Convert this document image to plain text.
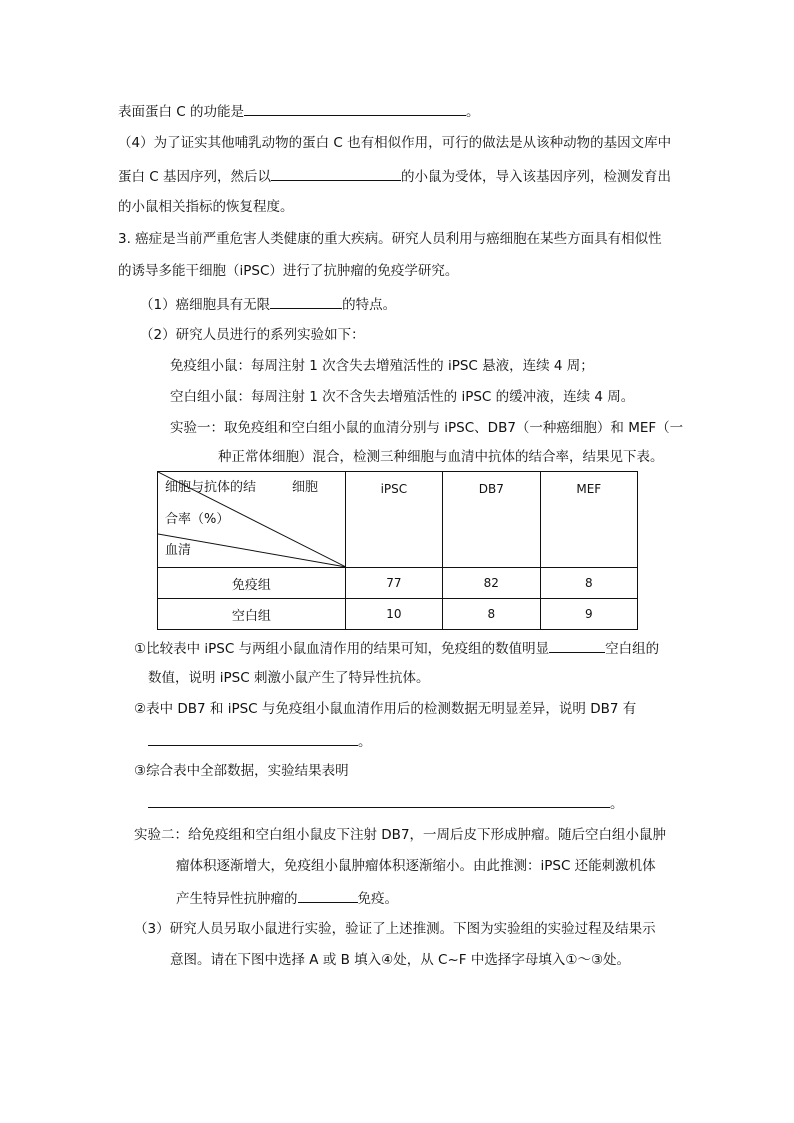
表面蛋白 C 的功能是	。
（4）为了证实其他哺乳动物的蛋白 C 也有相似作用，可行的做法是从该种动物的基因文库中
蛋白 C 基因序列，然后以	的小鼠为受体，导入该基因序列，检测发育出
的小鼠相关指标的恢复程度。
3. 癌症是当前严重危害人类健康的重大疾病。研究人员利用与癌细胞在某些方面具有相似性
的诱导多能干细胞（iPSC）进行了抗肿瘤的免疫学研究。
（1）癌细胞具有无限	的特点。
（2）研究人员进行的系列实验如下：
免疫组小鼠：每周注射 1 次含失去增殖活性的 iPSC 悬液，连续 4 周；
空白组小鼠：每周注射 1 次不含失去增殖活性的 iPSC 的缓冲液，连续 4 周。
实验一：取免疫组和空白组小鼠的血清分别与 iPSC、DB7（一种癌细胞）和 MEF（一
种正常体细胞）混合，检测三种细胞与血清中抗体的结合率，结果见下表。
细胞与抗体的结 细胞
合率（%）
血清	iPSC	DB7	MEF
免疫组	77	82	8
空白组	10	8	9
①比较表中 iPSC 与两组小鼠血清作用的结果可知，免疫组的数值明显	空白组的
数值，说明 iPSC 刺激小鼠产生了特异性抗体。
②表中 DB7 和 iPSC 与免疫组小鼠血清作用后的检测数据无明显差异，说明 DB7 有
。
③综合表中全部数据，实验结果表明
。
实验二：给免疫组和空白组小鼠皮下注射 DB7，一周后皮下形成肿瘤。随后空白组小鼠肿
瘤体积逐渐增大，免疫组小鼠肿瘤体积逐渐缩小。由此推测：iPSC 还能刺激机体
产生特异性抗肿瘤的	免疫。
（3）研究人员另取小鼠进行实验，验证了上述推测。下图为实验组的实验过程及结果示
意图。请在下图中选择 A 或 B 填入④处，从 C~F 中选择字母填入①～③处。
